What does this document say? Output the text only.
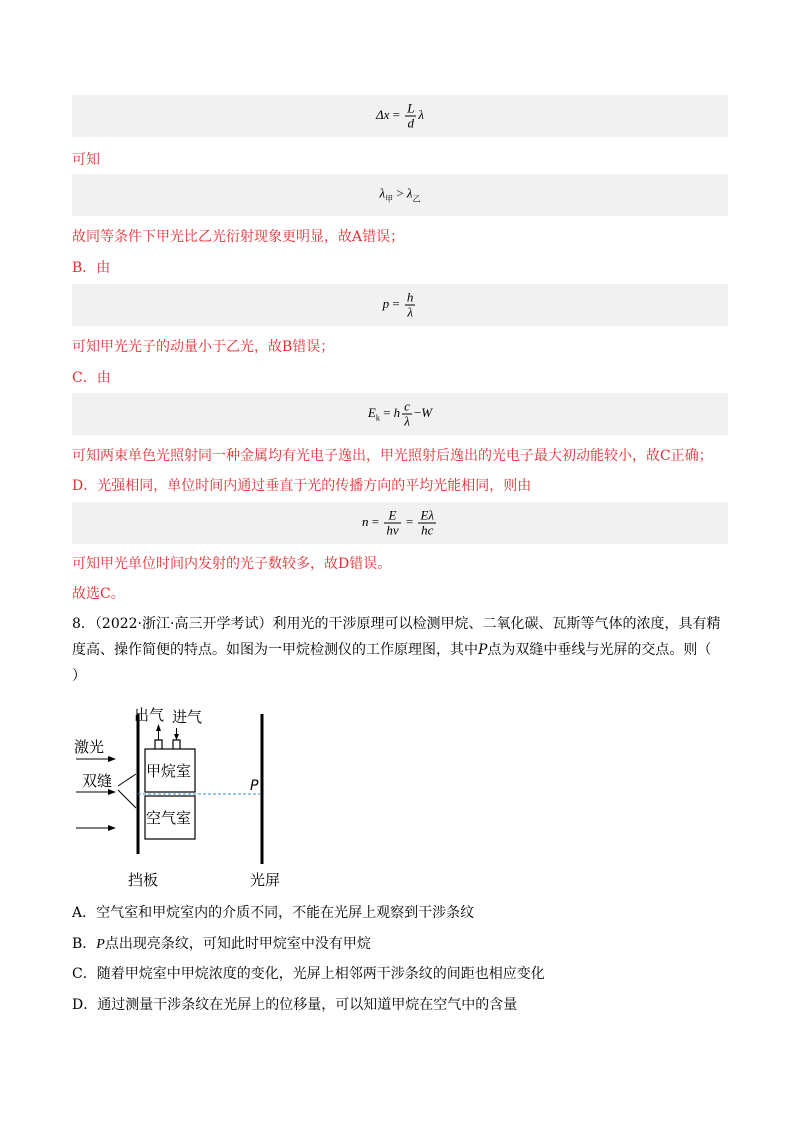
$\Delta x = \frac{L}{d}$ λ
可知
$\lambda_甲 > \lambda_乙$
故同等条件下甲光比乙光衍射现象更明显，故A错误；
B．由
$p = \frac{h}{\lambda}$
可知甲光光子的动量小于乙光，故B错误；
C．由
$E_k = h \frac{c}{\lambda} -W$
可知两束单色光照射同一种金属均有光电子逸出，甲光照射后逸出的光电子最大初动能较小，故C正确；
D．光强相同，单位时间内通过垂直于光的传播方向的平均光能相同，则由
$n = \frac{E}{h\nu} = \frac{E\lambda}{hc}$
可知甲光单位时间内发射的光子数较多，故D错误。
故选C。
8．（2022·浙江·高三开学考试）利用光的干涉原理可以检测甲烷、二氧化碳、瓦斯等气体的浓度，具有精
度高、操作简便的特点。如图为一甲烷检测仪的工作原理图，其中P点为双缝中垂线与光屏的交点。则（
）
出气 进气
激光
双缝
甲烷室
空气室
P
挡板	光屏
A．空气室和甲烷室内的介质不同，不能在光屏上观察到干涉条纹
B．P点出现亮条纹，可知此时甲烷室中没有甲烷
C．随着甲烷室中甲烷浓度的变化，光屏上相邻两干涉条纹的间距也相应变化
D．通过测量干涉条纹在光屏上的位移量，可以知道甲烷在空气中的含量
